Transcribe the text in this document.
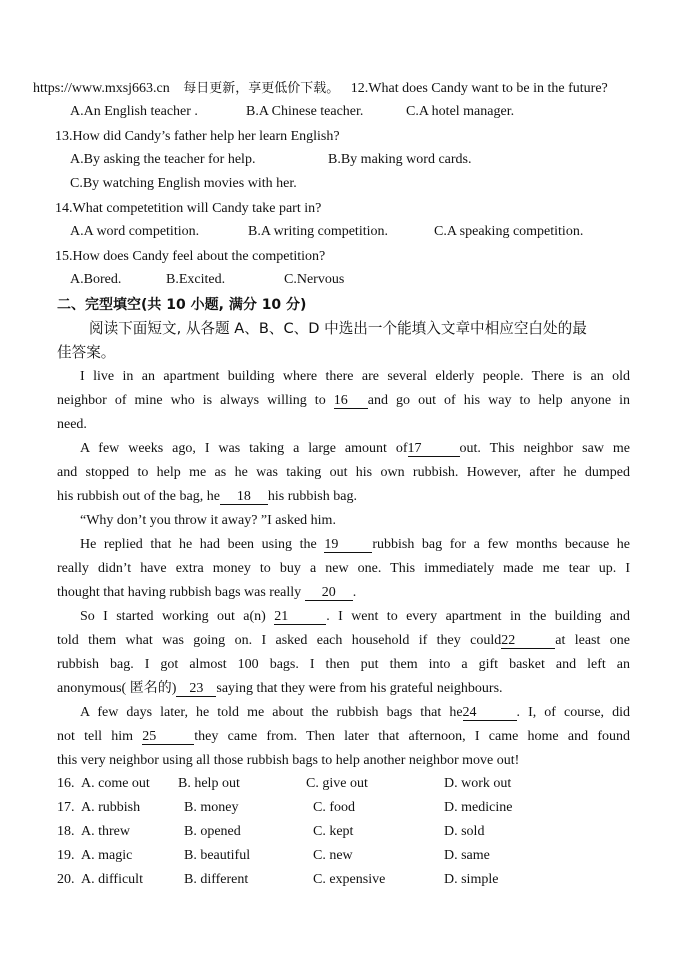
https://www.mxsj663.cn 每日更新，享更低价下载。 12.What does Candy want to be in the future?
A.An English teacher .	B.A Chinese teacher.	C.A hotel manager.
13.How did Candy’s father help her learn English?
A.By asking the teacher for help.	B.By making word cards.
C.By watching English movies with her.
14.What competetition will Candy take part in?
A.A word competition.	B.A writing competition.	C.A speaking competition.
15.How does Candy feel about the competition?
A.Bored.	B.Excited.	C.Nervous
二、完型填空(共 10 小题, 满分 10 分)
阅读下面短文, 从各题 A、B、C、D 中选出一个能填入文章中相应空白处的最
佳答案。
I live in an apartment building where there are several elderly people. There is an old
neighbor of mine who is always willing to 16 and go out of his way to help anyone in
need.
A few weeks ago, I was taking a large amount of17	out. This neighbor saw me
and stopped to help me as he was taking out his own rubbish. However, after he dumped
his rubbish out of the bag, he 18 his rubbish bag.
“Why don’t you throw it away? ”I asked him.
He replied that he had been using the 19 rubbish bag for a few months because he
really didn’t have extra money to buy a new one. This immediately made me tear up. I
thought that having rubbish bags was really 20 .
So I started working out a(n) 21	. I went to every apartment in the building and
told them what was going on. I asked each household if they could22	at least one
rubbish bag. I got almost 100 bags. I then put them into a gift basket and left an
anonymous( 匿名的) 23 saying that they were from his grateful neighbours.
A few days later, he told me about the rubbish bags that he24	. I, of course, did
not tell him 25	they came from. Then later that afternoon, I came home and found
this very neighbor using all those rubbish bags to help another neighbor move out!
16. A. come out B. help out	C. give out	D. work out
17. A. rubbish	B. money	C. food	D. medicine
18. A. threw	B. opened	C. kept	D. sold
19. A. magic	B. beautiful	C. new	D. same
20. A. difficult	B. different	C. expensive	D. simple
